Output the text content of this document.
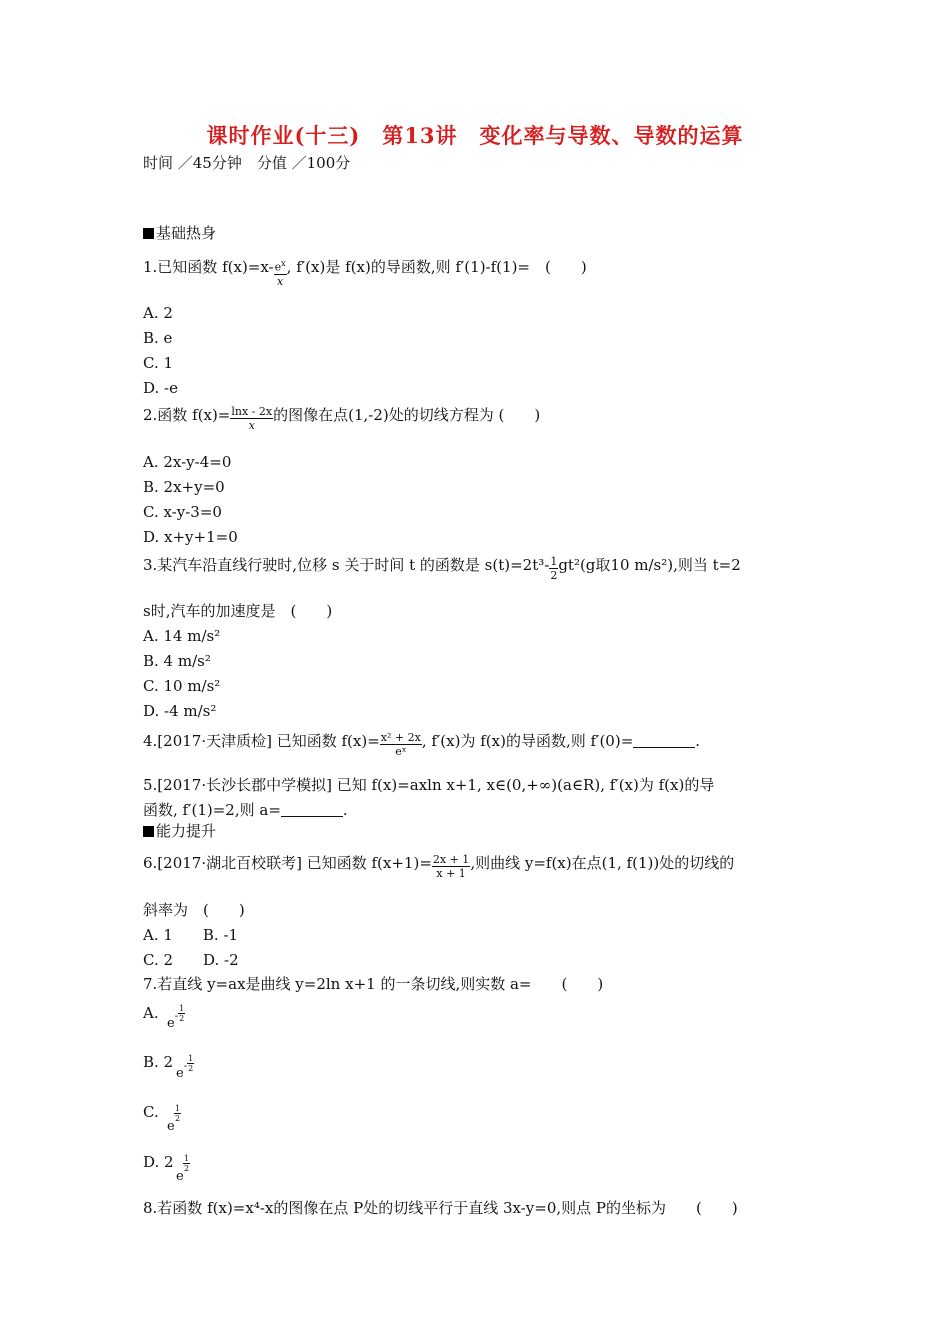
课时作业(十三)　第13讲　变化率与导数、导数的运算
时间 ／45分钟　分值 ／100分
基础热身
1.已知函数 $f(x)=x- \frac{e^x}{x}$ , f′(x)是 f(x)的导函数,则 f′(1)-f(1)=　(　　)
A. 2
B. e
C. 1
D. -e
2.函数 $f(x)= \frac{\ln x - 2x}{x}$ 的图像在点(1,-2)处的切线方程为 (　　)
A. 2x-y-4=0
B. 2x+y=0
C. x-y-3=0
D. x+y+1=0
3.某汽车沿直线行驶时,位移 s 关于时间 t 的函数是 $s(t)=2t^3- \frac{1}{2} gt^2(g$取10 m/s²),则当 t=2
s时,汽车的加速度是　(　　)
A. 14 m/s²
B. 4 m/s²
C. 10 m/s²
D. -4 m/s²
4.[2017·天津质检] 已知函数 $f(x)= \frac{\text{x² + 2x}}{\text{eˣ}}$ , f′(x)为 f(x)的导函数,则 f′(0)=	.
5.[2017·长沙长郡中学模拟] 已知 f(x)=axln x+1, x∈(0,+∞)(a∈R), f′(x)为 f(x)的导
函数, f′(1)=2,则 a=	.
能力提升
6.[2017·湖北百校联考] 已知函数 $f(x+1)= \frac{2x + 1}{x + 1}$ ,则曲线 y=f(x)在点(1, f(1))处的切线的
斜率为　(　　)
A. 1　　B. -1
C. 2　　D. -2
7.若直线 y=ax是曲线 y=2ln x+1 的一条切线,则实数 a=　　(　　)
A.
$e^- \frac{1}{2}$
B. 2
$e^- \frac{1}{2}$
C. $\frac{1}{2}$
e
D. $2 \frac{1}{2}$
e
8.若函数 f(x)=x⁴-x的图像在点 P处的切线平行于直线 3x-y=0,则点 P的坐标为　　(　　)
